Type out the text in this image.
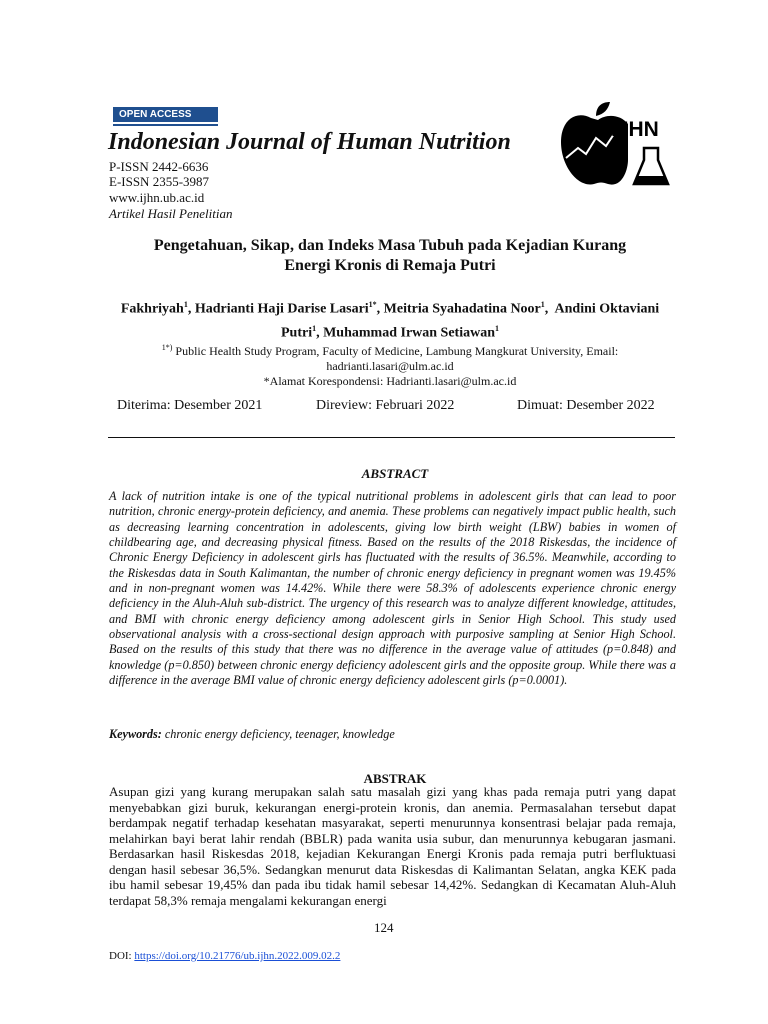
OPEN ACCESS
Indonesian Journal of Human Nutrition
P-ISSN 2442-6636
E-ISSN 2355-3987
www.ijhn.ub.ac.id
Artikel Hasil Penelitian
IJHN
Pengetahuan, Sikap, dan Indeks Masa Tubuh pada Kejadian Kurang
Energi Kronis di Remaja Putri
Fakhriyah$^1$, Hadrianti Haji Darise Lasari$^{1*}$, Meitria Syahadatina Noor$^1$,  Andini Oktaviani Putri$^1$, Muhammad Irwan Setiawan$^1$
$^{1*)}$ Public Health Study Program, Faculty of Medicine, Lambung Mangkurat University, Email:
hadrianti.lasari@ulm.ac.id
*Alamat Korespondensi: Hadrianti.lasari@ulm.ac.id
Diterima: Desember 2021	Direview: Februari 2022	Dimuat: Desember 2022
ABSTRACT
A lack of nutrition intake is one of the typical nutritional problems in adolescent girls that can lead to poor nutrition, chronic energy-protein deficiency, and anemia. These problems can negatively impact public health, such as decreasing learning concentration in adolescents, giving low birth weight (LBW) babies in women of childbearing age, and decreasing physical fitness. Based on the results of the 2018 Riskesdas, the incidence of Chronic Energy Deficiency in adolescent girls has fluctuated with the results of 36.5%. Meanwhile, according to the Riskesdas data in South Kalimantan, the number of chronic energy deficiency in pregnant women was 19.45% and in non-pregnant women was 14.42%. While there were 58.3% of adolescents experience chronic energy deficiency in the Aluh-Aluh sub-district. The urgency of this research was to analyze different knowledge, attitudes, and BMI with chronic energy deficiency among adolescent girls in Senior High School. This study used observational analysis with a cross-sectional design approach with purposive sampling at Senior High School. Based on the results of this study that there was no difference in the average value of attitudes (p=0.848) and knowledge (p=0.850) between chronic energy deficiency adolescent girls and the opposite group. While there was a difference in the average BMI value of chronic energy deficiency adolescent girls (p=0.0001).
Keywords: chronic energy deficiency, teenager, knowledge
ABSTRAK
Asupan gizi yang kurang merupakan salah satu masalah gizi yang khas pada remaja putri yang dapat menyebabkan gizi buruk, kekurangan energi-protein kronis, dan anemia. Permasalahan tersebut dapat berdampak negatif terhadap kesehatan masyarakat, seperti menurunnya konsentrasi belajar pada remaja, melahirkan bayi berat lahir rendah (BBLR) pada wanita usia subur, dan menurunnya kebugaran jasmani. Berdasarkan hasil Riskesdas 2018, kejadian Kekurangan Energi Kronis pada remaja putri berfluktuasi dengan hasil sebesar 36,5%. Sedangkan menurut data Riskesdas di Kalimantan Selatan, angka KEK pada ibu hamil sebesar 19,45% dan pada ibu tidak hamil sebesar 14,42%. Sedangkan di Kecamatan Aluh-Aluh terdapat 58,3% remaja mengalami kekurangan energi
124
DOI: https://doi.org/10.21776/ub.ijhn.2022.009.02.2
